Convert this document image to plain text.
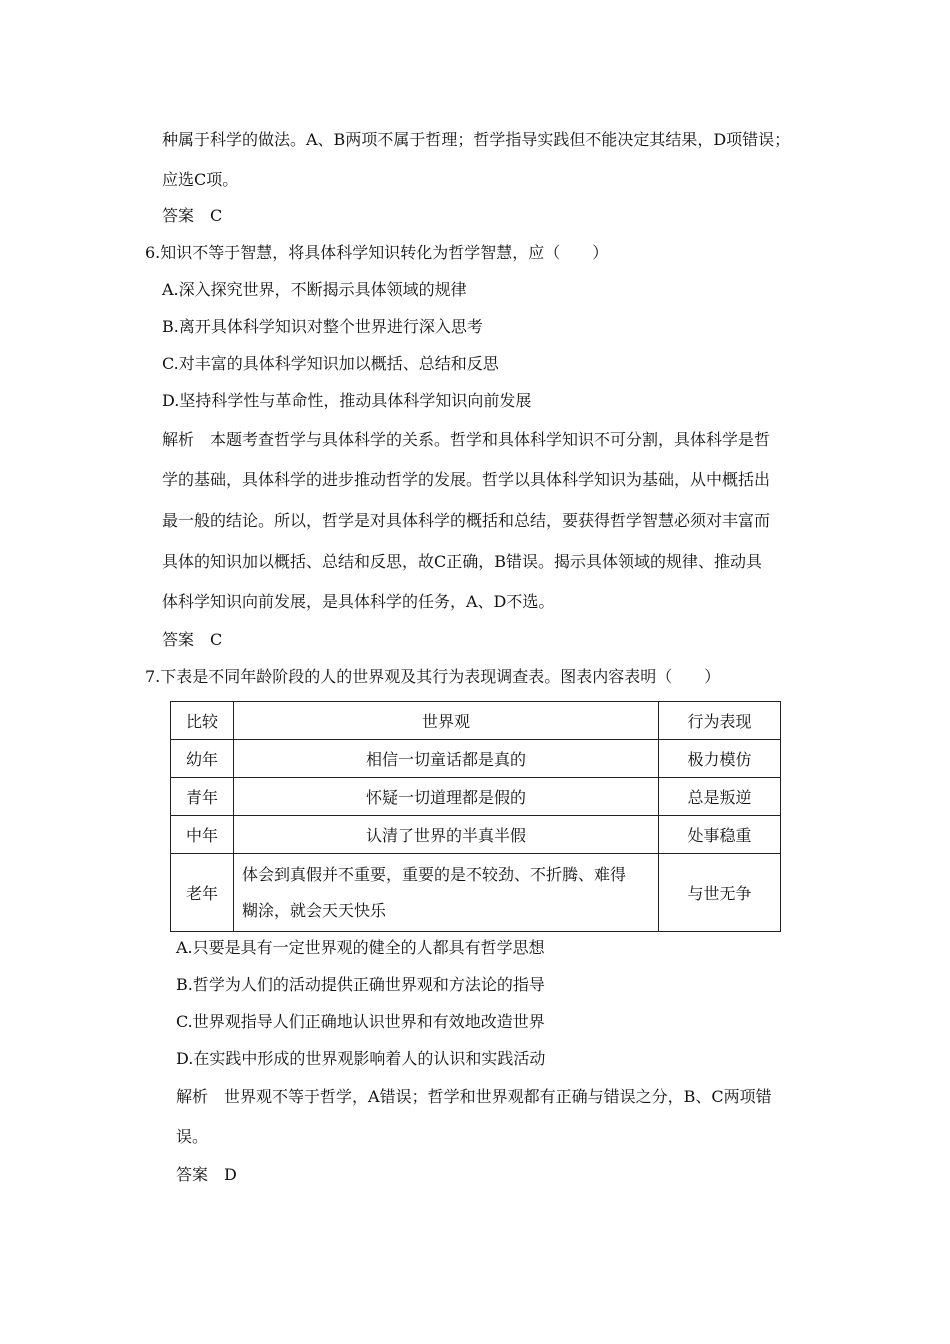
种属于科学的做法。A、B两项不属于哲理；哲学指导实践但不能决定其结果，D项错误；
应选C项。
答案 C
6.知识不等于智慧，将具体科学知识转化为哲学智慧，应（　　）
A.深入探究世界，不断揭示具体领域的规律
B.离开具体科学知识对整个世界进行深入思考
C.对丰富的具体科学知识加以概括、总结和反思
D.坚持科学性与革命性，推动具体科学知识向前发展
解析 本题考查哲学与具体科学的关系。哲学和具体科学知识不可分割，具体科学是哲
学的基础，具体科学的进步推动哲学的发展。哲学以具体科学知识为基础，从中概括出
最一般的结论。所以，哲学是对具体科学的概括和总结，要获得哲学智慧必须对丰富而
具体的知识加以概括、总结和反思，故C正确，B错误。揭示具体领域的规律、推动具
体科学知识向前发展，是具体科学的任务，A、D不选。
答案 C
7.下表是不同年龄阶段的人的世界观及其行为表现调查表。图表内容表明（　　）
比较	世界观	行为表现
幼年	相信一切童话都是真的	极力模仿
青年	怀疑一切道理都是假的	总是叛逆
中年	认清了世界的半真半假	处事稳重
老年	体会到真假并不重要，重要的是不较劲、不折腾、难得
糊涂，就会天天快乐	与世无争
A.只要是具有一定世界观的健全的人都具有哲学思想
B.哲学为人们的活动提供正确世界观和方法论的指导
C.世界观指导人们正确地认识世界和有效地改造世界
D.在实践中形成的世界观影响着人的认识和实践活动
解析 世界观不等于哲学，A错误；哲学和世界观都有正确与错误之分，B、C两项错
误。
答案 D
